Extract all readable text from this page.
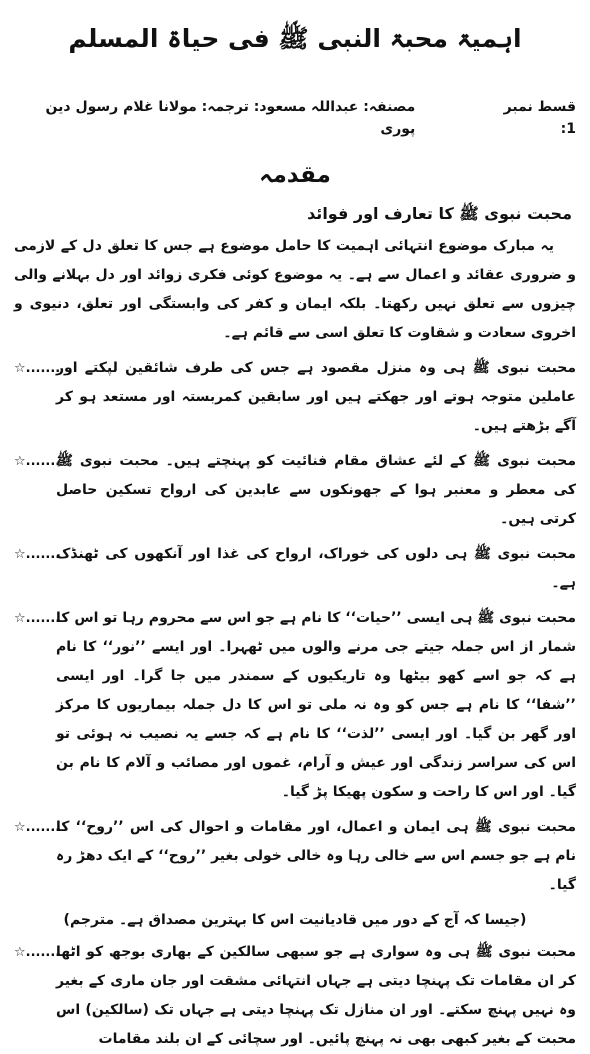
اہمیۃ محبۃ النبی ﷺ فی حیاۃ المسلم
قسط نمبر 1:
مصنفہ: عبداللہ مسعود: ترجمہ: مولانا غلام رسول دین پوری
مقدمہ
محبت نبوی ﷺ کا تعارف اور فوائد

یہ مبارک موضوع انتہائی اہمیت کا حامل موضوع ہے جس کا تعلق دل کے لازمی و ضروری عقائد و اعمال سے ہے۔ یہ موضوع کوئی فکری زوائد اور دل بہلانے والی چیزوں سے تعلق نہیں رکھتا۔ بلکہ ایمان و کفر کی وابستگی اور تعلق، دنیوی و اخروی سعادت و شقاوت کا تعلق اسی سے قائم ہے۔

☆.......
محبت نبوی ﷺ ہی وہ منزل مقصود ہے جس کی طرف شائقین لپکتے اور عاملین متوجہ ہوتے اور جھکتے ہیں اور سابقین کمربستہ اور مستعد ہو کر آگے بڑھتے ہیں۔
☆.......
محبت نبوی ﷺ کے لئے عشاق مقام فنائیت کو پہنچتے ہیں۔ محبت نبوی ﷺ کی معطر و معنبر ہوا کے جھونکوں سے عابدین کی ارواح تسکین حاصل کرتی ہیں۔
☆.......
محبت نبوی ﷺ ہی دلوں کی خوراک، ارواح کی غذا اور آنکھوں کی ٹھنڈک ہے۔
☆.......
محبت نبوی ﷺ ہی ایسی ’’حیات‘‘ کا نام ہے جو اس سے محروم رہا تو اس کا شمار از اس جملہ جیتے جی مرنے والوں میں ٹھہرا۔ اور ایسے ’’نور‘‘ کا نام ہے کہ جو اسے کھو بیٹھا وہ تاریکیوں کے سمندر میں جا گرا۔ اور ایسی ’’شفا‘‘ کا نام ہے جس کو وہ نہ ملی تو اس کا دل جملہ بیماریوں کا مرکز اور گھر بن گیا۔ اور ایسی ’’لذت‘‘ کا نام ہے کہ جسے یہ نصیب نہ ہوئی تو اس کی سراسر زندگی اور عیش و آرام، غموں اور مصائب و آلام کا نام بن گیا۔ اور اس کا راحت و سکون پھیکا پڑ گیا۔
☆.......
محبت نبوی ﷺ ہی ایمان و اعمال، اور مقامات و احوال کی اس ’’روح‘‘ کا نام ہے جو جسم اس سے خالی رہا وہ خالی خولی بغیر ’’روح‘‘ کے ایک دھڑ رہ گیا۔
(جیسا کہ آج کے دور میں قادیانیت اس کا بہترین مصداق ہے۔ مترجم)
☆.......
محبت نبوی ﷺ ہی وہ سواری ہے جو سبھی سالکین کے بھاری بوجھ کو اٹھا کر ان مقامات تک پہنچا دیتی ہے جہاں انتہائی مشقت اور جان ماری کے بغیر وہ نہیں پہنچ سکتے۔ اور ان منازل تک پہنچا دیتی ہے جہاں تک (سالکین) اس محبت کے بغیر کبھی بھی نہ پہنچ پائیں۔ اور سچائی کے ان بلند مقامات
